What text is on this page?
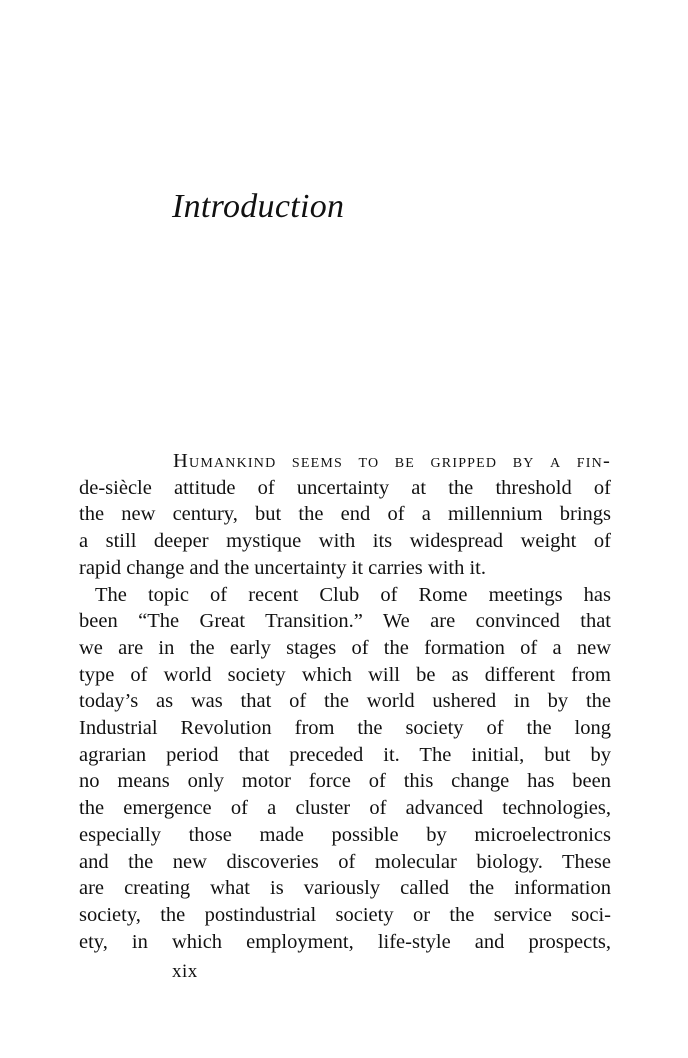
Introduction

Humankind seems to be gripped by a fin-
de-siècle attitude of uncertainty at the threshold of
the new century, but the end of a millennium brings
a still deeper mystique with its widespread weight of
rapid change and the uncertainty it carries with it.

The topic of recent Club of Rome meetings has
been “The Great Transition.” We are convinced that
we are in the early stages of the formation of a new
type of world society which will be as different from
today’s as was that of the world ushered in by the
Industrial Revolution from the society of the long
agrarian period that preceded it. The initial, but by
no means only motor force of this change has been
the emergence of a cluster of advanced technologies,
especially those made possible by microelectronics
and the new discoveries of molecular biology. These
are creating what is variously called the information
society, the postindustrial society or the service soci-
ety, in which employment, life-style and prospects,

xix
